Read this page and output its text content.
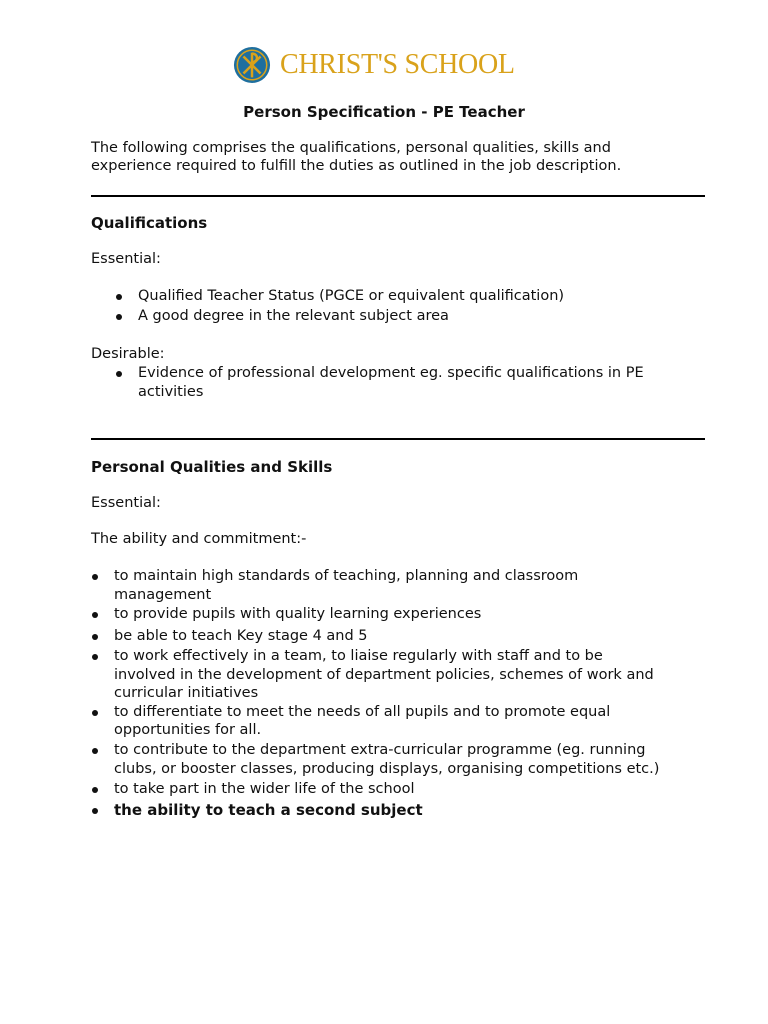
CHRIST'S SCHOOL
Person Specification - PE Teacher
The following comprises the qualifications, personal qualities, skills and
experience required to fulfill the duties as outlined in the job description.
Qualifications
Essential:
Qualified Teacher Status (PGCE or equivalent qualification)
A good degree in the relevant subject area
Desirable:
Evidence of professional development eg. specific qualifications in PE
activities
Personal Qualities and Skills
Essential:
The ability and commitment:-
to maintain high standards of teaching, planning and classroom
management
to provide pupils with quality learning experiences
be able to teach Key stage 4 and 5
to work effectively in a team, to liaise regularly with staff and to be
involved in the development of department policies, schemes of work and
curricular initiatives
to differentiate to meet the needs of all pupils and to promote equal
opportunities for all.
to contribute to the department extra-curricular programme (eg. running
clubs, or booster classes, producing displays, organising competitions etc.)
to take part in the wider life of the school
the ability to teach a second subject
